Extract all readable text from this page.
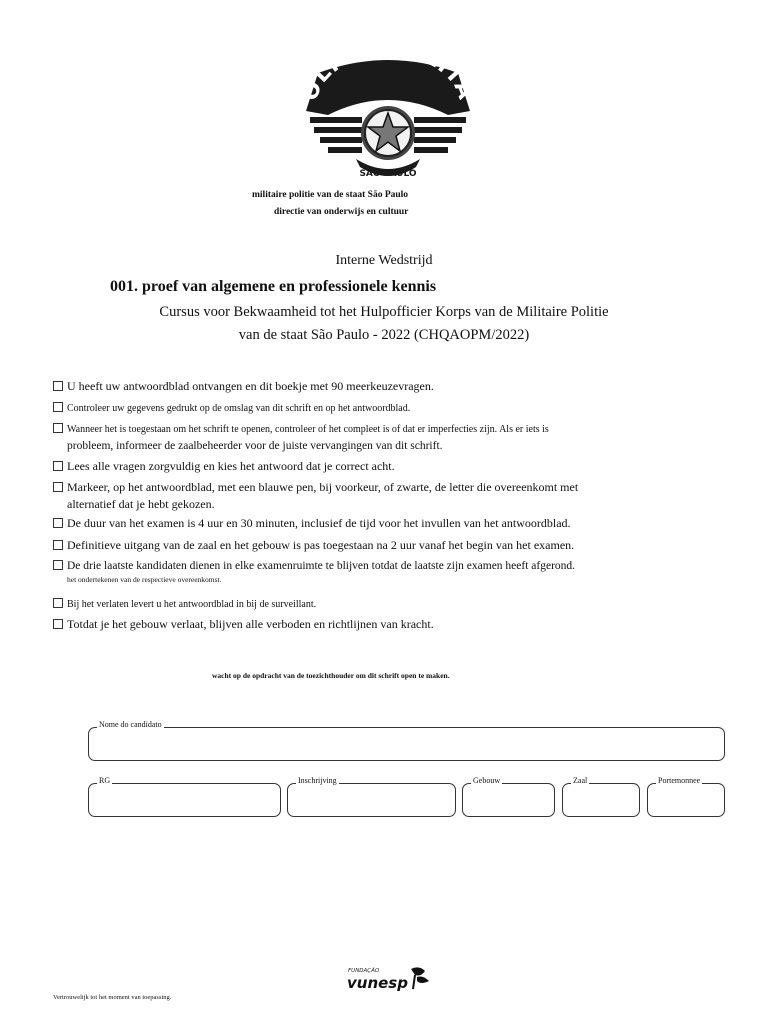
OLÍC LITA
SÃO PAULO
militaire politie van de staat São Paulo
directie van onderwijs en cultuur
Interne Wedstrijd
001. proef van algemene en professionele kennis
Cursus voor Bekwaamheid tot het Hulpofficier Korps van de Militaire Politie
van de staat São Paulo - 2022 (CHQAOPM/2022)
U heeft uw antwoordblad ontvangen en dit boekje met 90 meerkeuzevragen.
Controleer uw gegevens gedrukt op de omslag van dit schrift en op het antwoordblad.
Wanneer het is toegestaan om het schrift te openen, controleer of het compleet is of dat er imperfecties zijn. Als er iets is
probleem, informeer de zaalbeheerder voor de juiste vervangingen van dit schrift.
Lees alle vragen zorgvuldig en kies het antwoord dat je correct acht.
Markeer, op het antwoordblad, met een blauwe pen, bij voorkeur, of zwarte, de letter die overeenkomt met
alternatief dat je hebt gekozen.
De duur van het examen is 4 uur en 30 minuten, inclusief de tijd voor het invullen van het antwoordblad.
Definitieve uitgang van de zaal en het gebouw is pas toegestaan na 2 uur vanaf het begin van het examen.
De drie laatste kandidaten dienen in elke examenruimte te blijven totdat de laatste zijn examen heeft afgerond.
het ondertekenen van de respectieve overeenkomst.
Bij het verlaten levert u het antwoordblad in bij de surveillant.
Totdat je het gebouw verlaat, blijven alle verboden en richtlijnen van kracht.
wacht op de opdracht van de toezichthouder om dit schrift open te maken.
Nome do candidato
RG	Inschrijving	Gebouw	Zaal	Portemonnee
FUNDAÇÃO
vunesp
Vertrouwelijk tot het moment van toepassing.
